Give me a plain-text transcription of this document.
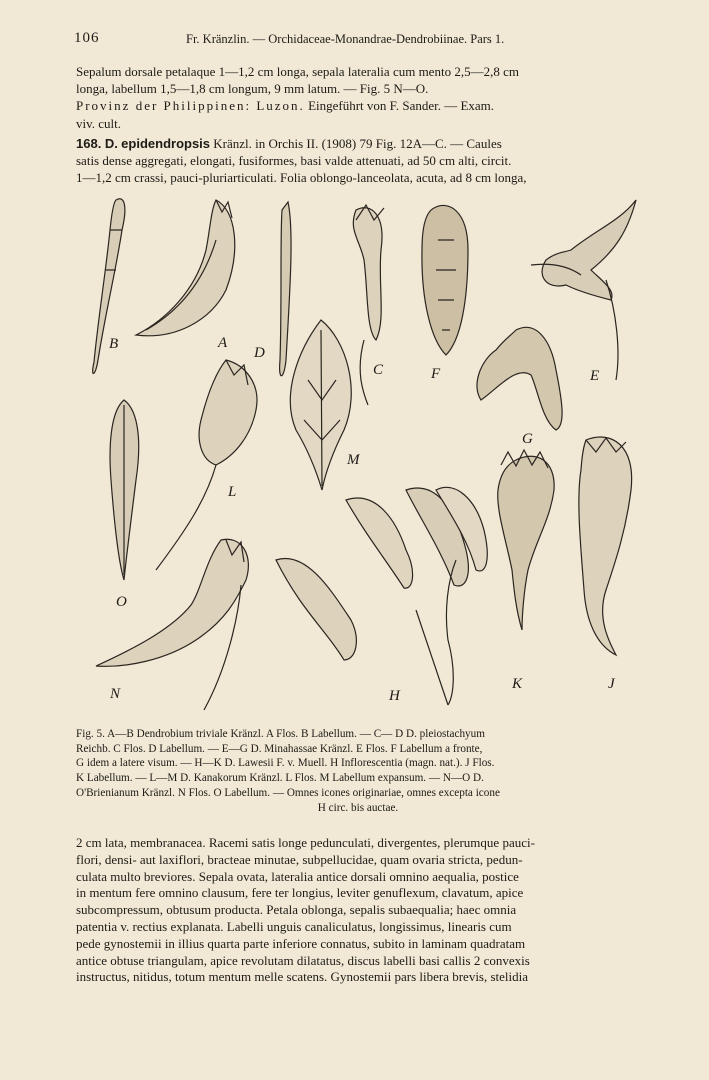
106	Fr. Kränzlin. — Orchidaceae-Monandrae-Dendrobiinae. Pars 1.

Sepalum dorsale petalaque 1—1,2 cm longa, sepala lateralia cum mento 2,5—2,8 cm

longa, labellum 1,5—1,8 cm longum, 9 mm latum. — Fig. 5 N—O.

Provinz der Philippinen: Luzon. Eingeführt von F. Sander. — Exam.

viv. cult.

168. D. epidendropsis Kränzl. in Orchis II. (1908) 79 Fig. 12A—C. — Caules

satis dense aggregati, elongati, fusiformes, basi valde attenuati, ad 50 cm alti, circit.

1—1,2 cm crassi, pauci-pluriarticulati. Folia oblongo-lanceolata, acuta, ad 8 cm longa,

B	A
D
C	F	E
G
M
L
O
N	H
K	J

Fig. 5. A—B Dendrobium triviale Kränzl. A Flos. B Labellum. — C— D D. pleiostachyum

Reichb. C Flos. D Labellum. — E—G D. Minahassae Kränzl. E Flos. F Labellum a fronte,

G idem a latere visum. — H—K D. Lawesii F. v. Muell. H Inflorescentia (magn. nat.). J Flos.

K Labellum. — L—M D. Kanakorum Kränzl. L Flos. M Labellum expansum. — N—O D.

O'Brienianum Kränzl. N Flos. O Labellum. — Omnes icones originariae, omnes excepta icone

H circ. bis auctae.

2 cm lata, membranacea. Racemi satis longe pedunculati, divergentes, plerumque pauci-

flori, densi- aut laxiflori, bracteae minutae, subpellucidae, quam ovaria stricta, pedun-

culata multo breviores. Sepala ovata, lateralia antice dorsali omnino aequalia, postice

in mentum fere omnino clausum, fere ter longius, leviter genuflexum, clavatum, apice

subcompressum, obtusum producta. Petala oblonga, sepalis subaequalia; haec omnia

patentia v. rectius explanata. Labelli unguis canaliculatus, longissimus, linearis cum

pede gynostemii in illius quarta parte inferiore connatus, subito in laminam quadratam

antice obtuse triangulam, apice revolutam dilatatus, discus labelli basi callis 2 convexis

instructus, nitidus, totum mentum melle scatens. Gynostemii pars libera brevis, stelidia
